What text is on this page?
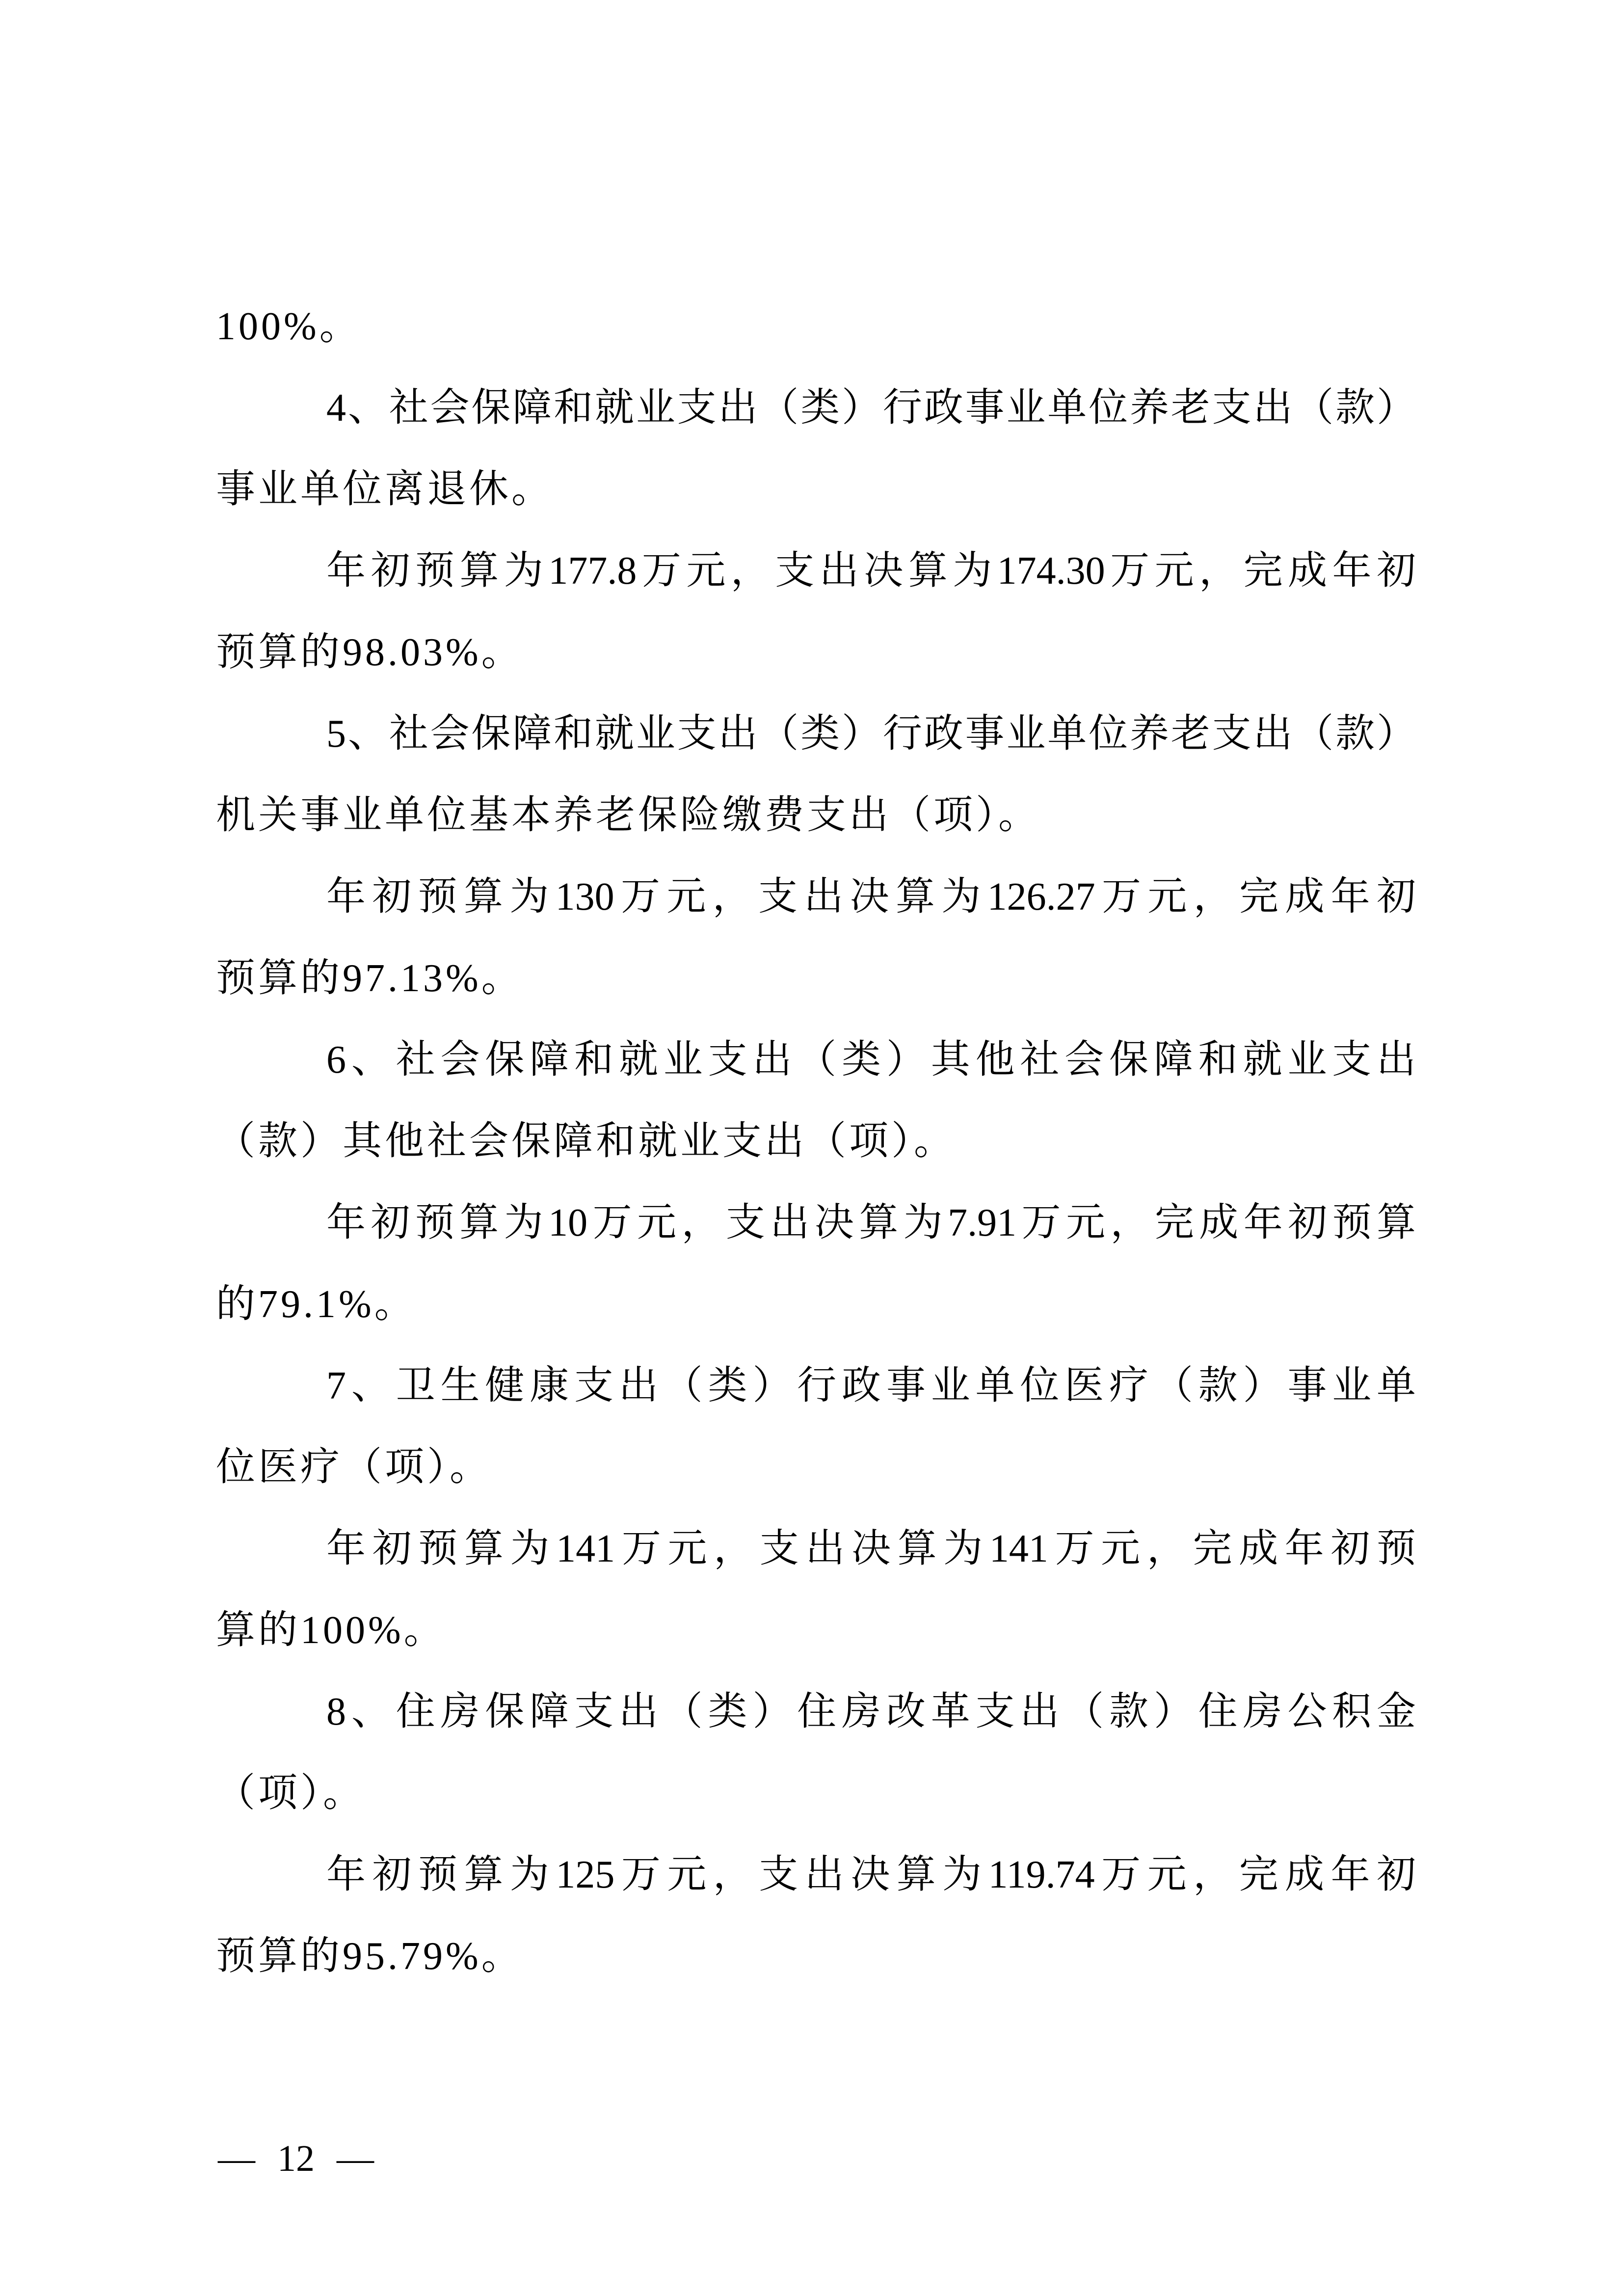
100%。
4、社会保障和就业支出（类）行政事业单位养老支出（款）
事业单位离退休。
年初预算为177.8万元，支出决算为174.30万元，完成年初
预算的98.03%。
5、社会保障和就业支出（类）行政事业单位养老支出（款）
机关事业单位基本养老保险缴费支出（项）。
年初预算为130万元，支出决算为126.27万元，完成年初
预算的97.13%。
6、社会保障和就业支出（类）其他社会保障和就业支出
（款）其他社会保障和就业支出（项）。
年初预算为10万元，支出决算为7.91万元，完成年初预算
的79.1%。
7、卫生健康支出（类）行政事业单位医疗（款）事业单
位医疗（项）。
年初预算为141万元，支出决算为141万元，完成年初预
算的100%。
8、住房保障支出（类）住房改革支出（款）住房公积金
（项）。
年初预算为125万元，支出决算为119.74万元，完成年初
预算的95.79%。
— 12 —
